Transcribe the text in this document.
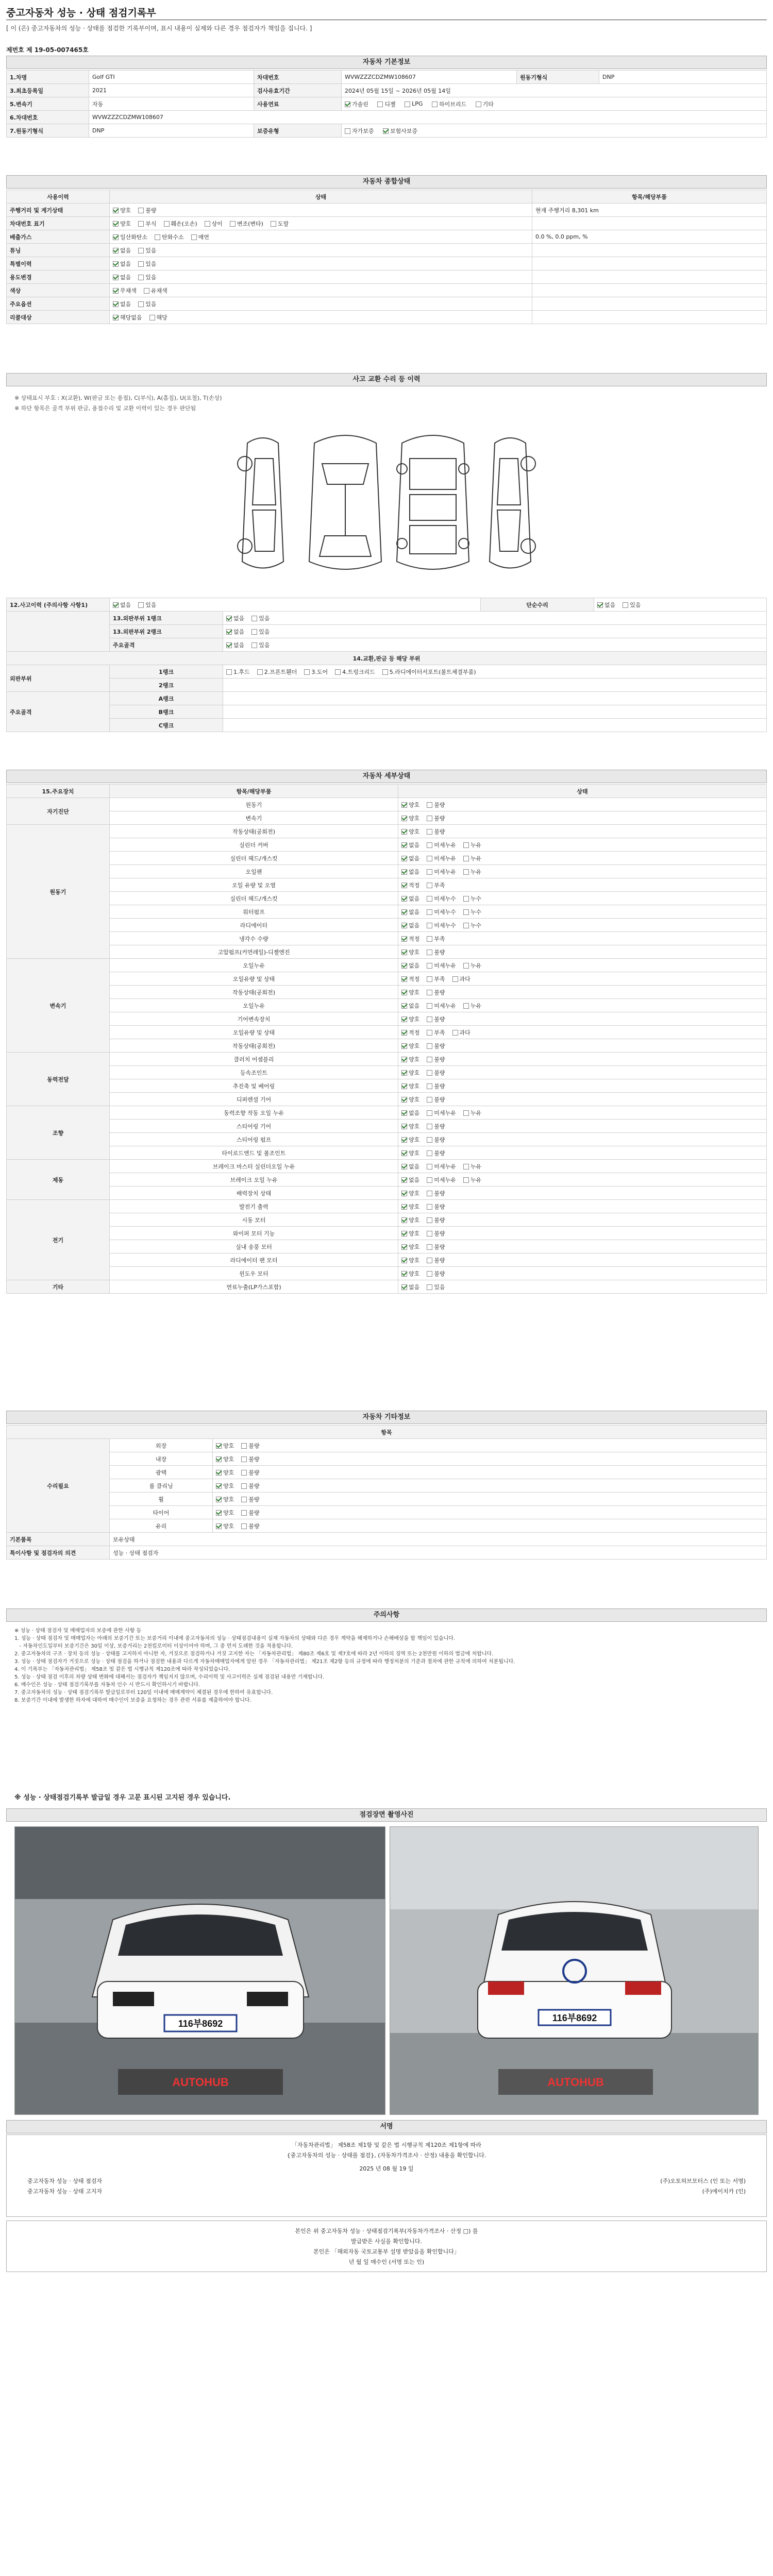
중고자동차 성능 · 상태 점검기록부
[ 이 (은) 중고자동차의 성능 · 상태를 점검한 기록부이며, 표시 내용이 실제와 다른 경우 점검자가 책임을 집니다. ]
제번호 제 19-05-007465호
자동차 기본정보
1.차명	Golf GTI	차대번호	WVWZZZCDZMW108607	원동기형식	DNP
3.최초등록일	2021	검사유효기간	2024년 05월 15일 ~ 2026년 05월 14일		
5.변속기	자동	사용연료	가솔린 디젤 LPG 하이브리드 기타		
6.차대번호	WVWZZZCDZMW108607				
7.원동기형식	DNP	보증유형	자가보증 보험사보증		
자동차 종합상태
사용이력	상태	항목/해당부품
주행거리 및 계기상태	양호 불량	현재 주행거리 8,301 km
차대번호 표기	양호 부식 훼손(오손) 상이 변조(변타) 도말	
배출가스	일산화탄소 탄화수소 매연	0.0 %, 0.0 ppm, %
튜닝	없음 있음	
특별이력	없음 있음	
용도변경	없음 있음	
색상	무채색 유채색	
주요옵션	없음 있음	
리콜대상	해당없음 해당	
사고 교환 수리 등 이력
※ 상태표시 부호 : X(교환), W(판금 또는 용접), C(부식), A(흠집), U(요철), T(손상)
※ 하단 항목은 골격 부위 판금, 용접수리 및 교환 이력이 있는 경우 판단됨
12.사고이력 (주의사항 사항1)	없음 있음		단순수리	없음 있음
	13.외판부위 1랭크	없음 있음		
	13.외판부위 2랭크	없음 있음		
	주요골격	없음 있음		
14.교환,판금 등 해당 부위				
외판부위	1랭크	1.후드 2.프론트휀더 3.도어 4.트렁크리드 5.라디에이터서포트(볼트체결부품)		
	2랭크			
주요골격	A랭크			
	B랭크			
	C랭크			
자동차 세부상태
15.주요장치	항목/해당부품	상태
자기진단	원동기	양호 불량
	변속기	양호 불량
원동기	작동상태(공회전)	양호 불량
	실린더 커버	없음 미세누유 누유
	실린더 헤드/개스킷	없음 미세누유 누유
	오일팬	없음 미세누유 누유
	오일 유량 및 오염	적정 부족
	실린더 헤드/개스킷	없음 미세누수 누수
	워터펌프	없음 미세누수 누수
	라디에이터	없음 미세누수 누수
	냉각수 수량	적정 부족
	고압펌프(커먼레일)-디젤엔진	양호 불량
변속기	오일누유	없음 미세누유 누유
	오일유량 및 상태	적정 부족 과다
	작동상태(공회전)	양호 불량
	오일누유	없음 미세누유 누유
	기어변속장치	양호 불량
	오일유량 및 상태	적정 부족 과다
	작동상태(공회전)	양호 불량
동력전달	클러치 어셈블리	양호 불량
	등속조인트	양호 불량
	추진축 및 베어링	양호 불량
	디퍼렌셜 기어	양호 불량
조향	동력조향 작동 오일 누유	없음 미세누유 누유
	스티어링 기어	양호 불량
	스티어링 펌프	양호 불량
	타이로드엔드 및 볼조인트	양호 불량
제동	브레이크 마스터 실린더오일 누유	없음 미세누유 누유
	브레이크 오일 누유	없음 미세누유 누유
	배력장치 상태	양호 불량
전기	발전기 출력	양호 불량
	시동 모터	양호 불량
	와이퍼 모터 기능	양호 불량
	실내 송풍 모터	양호 불량
	라디에이터 팬 모터	양호 불량
	윈도우 모터	양호 불량
기타	연료누출(LP가스포함)	없음 있음
자동차 기타정보
항목		
수리필요	외장	양호 불량
	내장	양호 불량
	광택	양호 불량
	룸 클리닝	양호 불량
	휠	양호 불량
	타이어	양호 불량
	유리	양호 불량
기본품목	보유상태	
특이사항 및 점검자의 의견	성능 · 상태 점검자	
주의사항
※ 성능 · 상태 점검자 및 매매업자의 보증에 관한 사항 등
1. 성능 · 상태 점검자 및 매매업자는 아래의 보증기간 또는 보증거리 이내에 중고자동차의 성능 · 상태점검내용이 실제 자동차의 상태와 다른 경우 계약을 해제하거나 손해배상을 할 책임이 있습니다.
- 자동차인도일부터 보증기간은 30일 이상, 보증거리는 2천킬로미터 이상이어야 하며, 그 중 먼저 도래한 것을 적용합니다.
2. 중고자동차의 구조 · 장치 등의 성능 · 상태를 고지하지 아니한 자, 거짓으로 점검하거나 거짓 고지한 자는 「자동차관리법」 제80조 제6호 및 제7호에 따라 2년 이하의 징역 또는 2천만원 이하의 벌금에 처합니다.
3. 성능 · 상태 점검자가 거짓으로 성능 · 상태 점검을 하거나 점검한 내용과 다르게 자동차매매업자에게 알린 경우 「자동차관리법」 제21조 제2항 등의 규정에 따라 행정처분의 기준과 절차에 관한 규칙에 의하여 처분됩니다.
4. 이 기록부는 「자동차관리법」 제58조 및 같은 법 시행규칙 제120조에 따라 작성되었습니다.
5. 성능 · 상태 점검 이후의 차량 상태 변화에 대해서는 점검자가 책임지지 않으며, 수리이력 및 사고이력은 실제 점검된 내용만 기재합니다.
6. 매수인은 성능 · 상태 점검기록부를 자동차 인수 시 반드시 확인하시기 바랍니다.
7. 중고자동차의 성능 · 상태 점검기록부 발급일로부터 120일 이내에 매매계약이 체결된 경우에 한하여 유효합니다.
8. 보증기간 이내에 발생한 하자에 대하여 매수인이 보증을 요청하는 경우 관련 서류를 제출하여야 합니다.
※ 성능 · 상태점검기록부 발급일 경우 고문 표시된 고지된 경우 있습니다.
점검장면 촬영사진
116부8692
AUTOHUB
116부8692
AUTOHUB
서명
「자동차관리법」 제58조 제1항 및 같은 법 시행규칙 제120조 제1항에 따라
{중고자동차의 성능 · 상태를 점검}, (자동차가격조사 · 산정) 내용을 확인합니다.
2025 년 08 월 19 일
중고자동차 성능 · 상태 점검자	(주)오토허브모터스 (인 또는 서명)
중고자동차 성능 · 상태 고지자	(주)에이치카 (인)
본인은 위 중고자동차 성능 · 상태점검기록부(자동차가격조사 · 산정 □) 를
발급받은 사실을 확인합니다.
본인은 「해외자동 국토교통부 설명 받았음을 확인합니다」
년 월 일 매수인 (서명 또는 인)
